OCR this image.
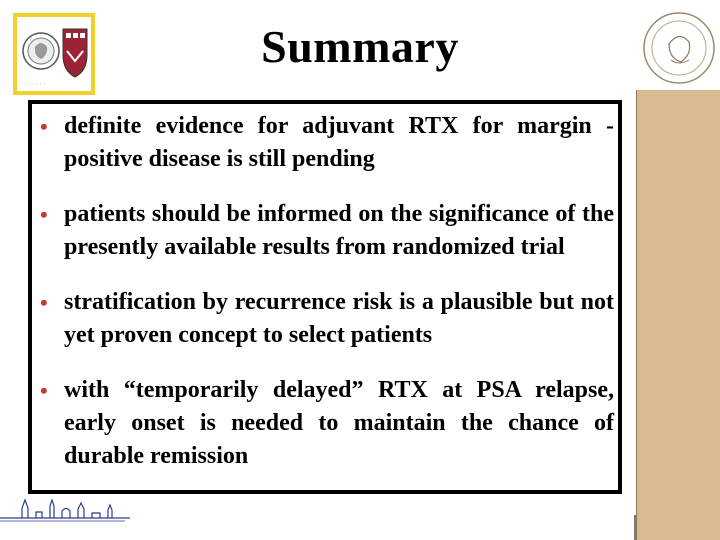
· · · · · ·
Summary
• definite evidence for adjuvant RTX for margin -positive disease is still pending
• patients should be informed on the significance of the presently available results from randomized trial
• stratification by recurrence risk is a plausible but not yet proven concept to select patients
• with “temporarily delayed” RTX at PSA relapse, early onset is needed to maintain the chance of durable remission
